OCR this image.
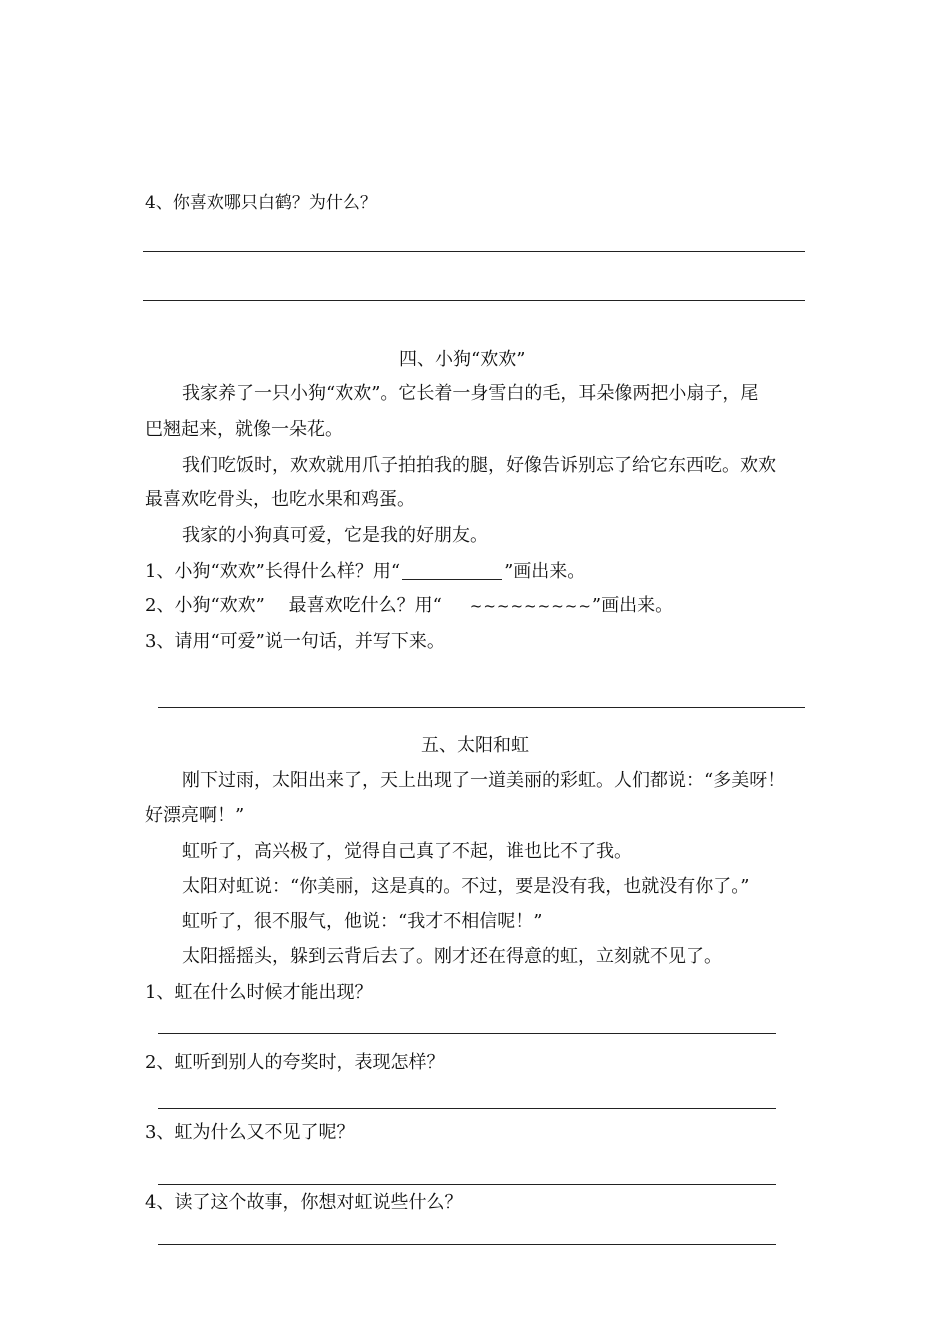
4、你喜欢哪只白鹤？为什么？
四、小狗“欢欢”
我家养了一只小狗“欢欢”。它长着一身雪白的毛，耳朵像两把小扇子，尾
巴翘起来，就像一朵花。
我们吃饭时，欢欢就用爪子拍拍我的腿，好像告诉别忘了给它东西吃。欢欢
最喜欢吃骨头，也吃水果和鸡蛋。
我家的小狗真可爱，它是我的好朋友。
1、小狗“欢欢”长得什么样？用“	”画出来。
2、小狗“欢欢”　 最喜欢吃什么？用“ ~~~~~~~~~”画出来。
3、请用“可爱”说一句话，并写下来。
五、太阳和虹
刚下过雨，太阳出来了，天上出现了一道美丽的彩虹。人们都说：“多美呀！
好漂亮啊！”
虹听了，高兴极了，觉得自己真了不起，谁也比不了我。
太阳对虹说：“你美丽，这是真的。不过，要是没有我，也就没有你了。”
虹听了，很不服气，他说：“我才不相信呢！”
太阳摇摇头，躲到云背后去了。刚才还在得意的虹，立刻就不见了。
1、虹在什么时候才能出现？
2、虹听到别人的夸奖时，表现怎样？
3、虹为什么又不见了呢？
4、读了这个故事，你想对虹说些什么？
